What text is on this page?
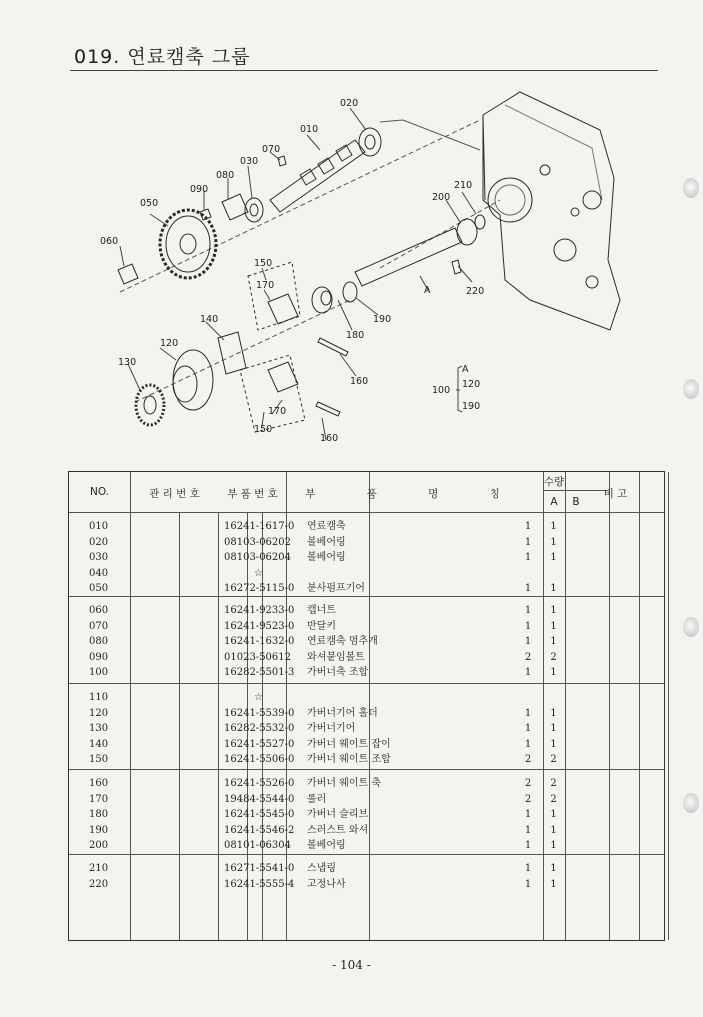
019. 연료캠축 그룹
020
010
070
030
080
090
050
060
210
200
220
A
150
170
180
190
140
120
130
160
170
150
160
A
120
190
100
NO.	관 리 번 호	부 품 번 호	부 품 명 칭
수량
A	B
비 고
010	16241-1617-0 연료캠축	1	1
020	08103-06202 볼베어링	1	1
030	08103-06204 볼베어링	1	1
040	☆
050	16272-5115-0 분사펌프기어	1	1
060	16241-9233-0 캡너트	1	1
070	16241-9523-0 반달키	1	1
080	16241-1632-0 연료캠축 멈추개	1	1
090	01023-50612 와셔붙임볼트	2	2
100	16282-5501-3 가버너축 조합	1	1
110	☆
120	16241-5539-0 가버너기어 홀더	1	1
130	16282-5532-0 가버너기어	1	1
140	16241-5527-0 가버너 웨이트 잡이	1	1
150	16241-5506-0 가버너 웨이트 조합	2	2
160	16241-5526-0 가버너 웨이트 축	2	2
170	19484-5544-0 롤러	2	2
180	16241-5545-0 가버너 슬리브	1	1
190	16241-5546-2 스러스트 와셔	1	1
200	08101-06304 볼베어링	1	1
210	16271-5541-0 스냅링	1	1
220	16241-5555-4 고정나사	1	1
- 104 -
